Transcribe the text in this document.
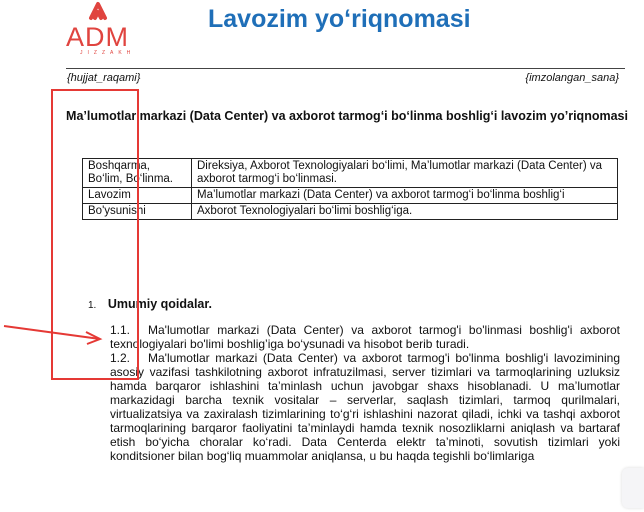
ADM
JIZZAKH
Lavozim yo‘riqnomasi
{hujjat_raqami}	{imzolangan_sana}
Ma’lumotlar markazi (Data Center) va axborot tarmog‘i bo‘linma boshlig‘i lavozim yo’riqnomasi
Boshqarma, Bo‘lim, Bo‘linma.	Direksiya, Axborot Texnologiyalari bo‘limi, Ma’lumotlar markazi (Data Center) va axborot tarmog‘i bo‘linmasi.
Lavozim	Ma’lumotlar markazi (Data Center) va axborot tarmog‘i bo‘linma boshlig‘i
Bo'ysunishi	Axborot Texnologiyalari bo‘limi boshlig‘iga.
1. Umumiy qoidalar.

1.1. Ma'lumotlar markazi (Data Center) va axborot tarmog'i bo'linmasi boshlig'i axborot texnologiyalari bo'limi boshlig’iga bo‘ysunadi va hisobot berib turadi.

1.2. Ma'lumotlar markazi (Data Center) va axborot tarmog'i bo'linma boshlig'i lavozimining asosiy vazifasi tashkilotning axborot infratuzilmasi, server tizimlari va tarmoqlarining uzluksiz hamda barqaror ishlashini ta’minlash uchun javobgar shaxs hisoblanadi. U ma’lumotlar markazidagi barcha texnik vositalar – serverlar, saqlash tizimlari, tarmoq qurilmalari, virtualizatsiya va zaxiralash tizimlarining to‘g‘ri ishlashini nazorat qiladi, ichki va tashqi axborot tarmoqlarining barqaror faoliyatini ta’minlaydi hamda texnik nosozliklarni aniqlash va bartaraf etish bo‘yicha choralar ko‘radi. Data Centerda elektr ta’minoti, sovutish tizimlari yoki konditsioner bilan bog‘liq muammolar aniqlansa, u bu haqda tegishli bo‘limlariga
